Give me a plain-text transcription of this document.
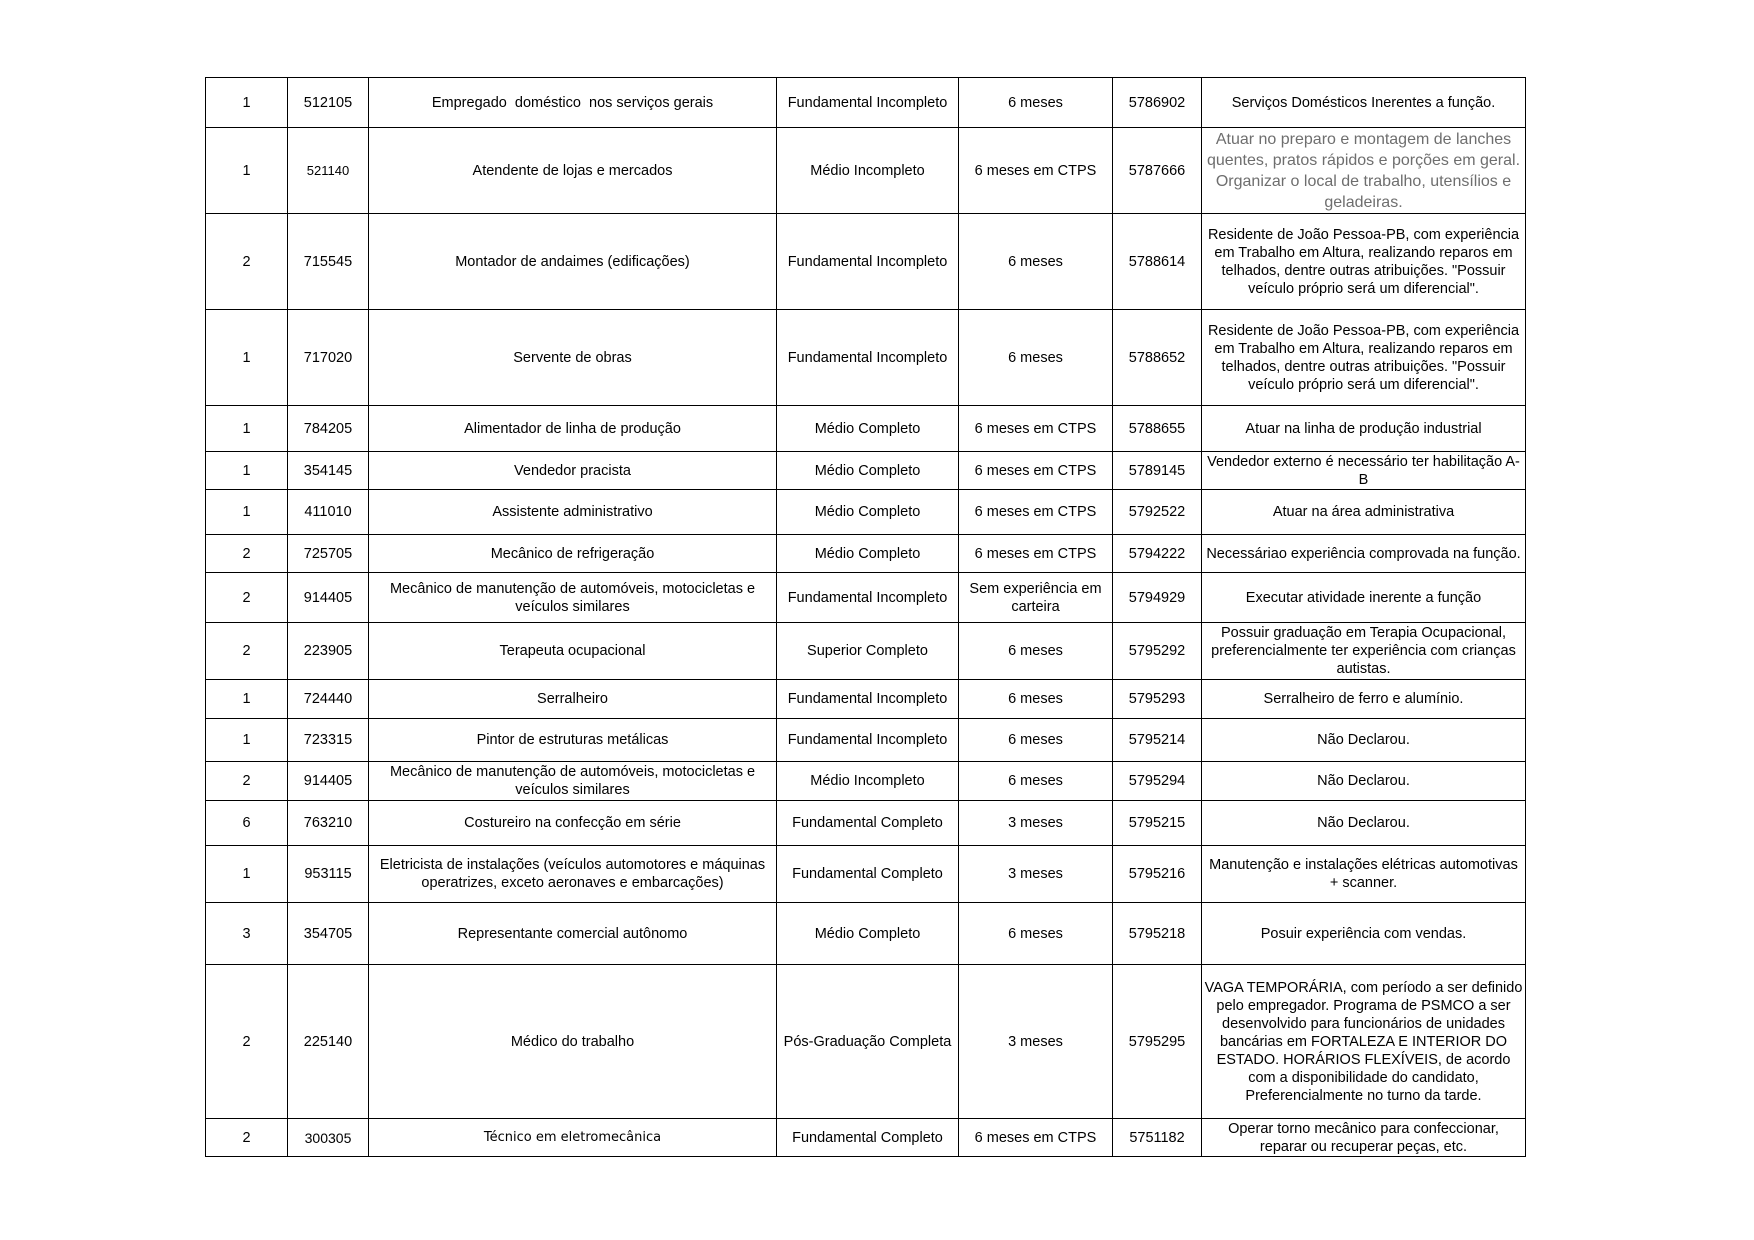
1	512105	Empregado  doméstico  nos serviços gerais	Fundamental Incompleto	6 meses	5786902	Serviços Domésticos Inerentes a função.
1	521140	Atendente de lojas e mercados	Médio Incompleto	6 meses em CTPS	5787666	Atuar no preparo e montagem de lanches quentes, pratos rápidos e porções em geral. Organizar o local de trabalho, utensílios e geladeiras.
2	715545	Montador de andaimes (edificações)	Fundamental Incompleto	6 meses	5788614	Residente de João Pessoa-PB, com experiência em Trabalho em Altura, realizando reparos em telhados, dentre outras atribuições. "Possuir veículo próprio será um diferencial".
1	717020	Servente de obras	Fundamental Incompleto	6 meses	5788652	Residente de João Pessoa-PB, com experiência em Trabalho em Altura, realizando reparos em telhados, dentre outras atribuições. "Possuir veículo próprio será um diferencial".
1	784205	Alimentador de linha de produção	Médio Completo	6 meses em CTPS	5788655	Atuar na linha de produção industrial
1	354145	Vendedor pracista	Médio Completo	6 meses em CTPS	5789145	Vendedor externo é necessário ter habilitação A-B
1	411010	Assistente administrativo	Médio Completo	6 meses em CTPS	5792522	Atuar na área administrativa
2	725705	Mecânico de refrigeração	Médio Completo	6 meses em CTPS	5794222	Necessáriao experiência comprovada na função.
2	914405	Mecânico de manutenção de automóveis, motocicletas e veículos similares	Fundamental Incompleto	Sem experiência em carteira	5794929	Executar atividade inerente a função
2	223905	Terapeuta ocupacional	Superior Completo	6 meses	5795292	Possuir graduação em Terapia Ocupacional, preferencialmente ter experiência com crianças autistas.
1	724440	Serralheiro	Fundamental Incompleto	6 meses	5795293	Serralheiro de ferro e alumínio.
1	723315	Pintor de estruturas metálicas	Fundamental Incompleto	6 meses	5795214	Não Declarou.
2	914405	Mecânico de manutenção de automóveis, motocicletas e veículos similares	Médio Incompleto	6 meses	5795294	Não Declarou.
6	763210	Costureiro na confecção em série	Fundamental Completo	3 meses	5795215	Não Declarou.
1	953115	Eletricista de instalações (veículos automotores e máquinas operatrizes, exceto aeronaves e embarcações)	Fundamental Completo	3 meses	5795216	Manutenção e instalações elétricas automotivas + scanner.
3	354705	Representante comercial autônomo	Médio Completo	6 meses	5795218	Posuir experiência com vendas.
2	225140	Médico do trabalho	Pós-Graduação Completa	3 meses	5795295	VAGA TEMPORÁRIA, com período a ser definido pelo empregador. Programa de PSMCO a ser desenvolvido para funcionários de unidades bancárias em FORTALEZA E INTERIOR DO ESTADO. HORÁRIOS FLEXÍVEIS, de acordo com a disponibilidade do candidato, Preferencialmente no turno da tarde.
2	300305	Técnico em eletromecânica	Fundamental Completo	6 meses em CTPS	5751182	Operar torno mecânico para confeccionar, reparar ou recuperar peças, etc.
